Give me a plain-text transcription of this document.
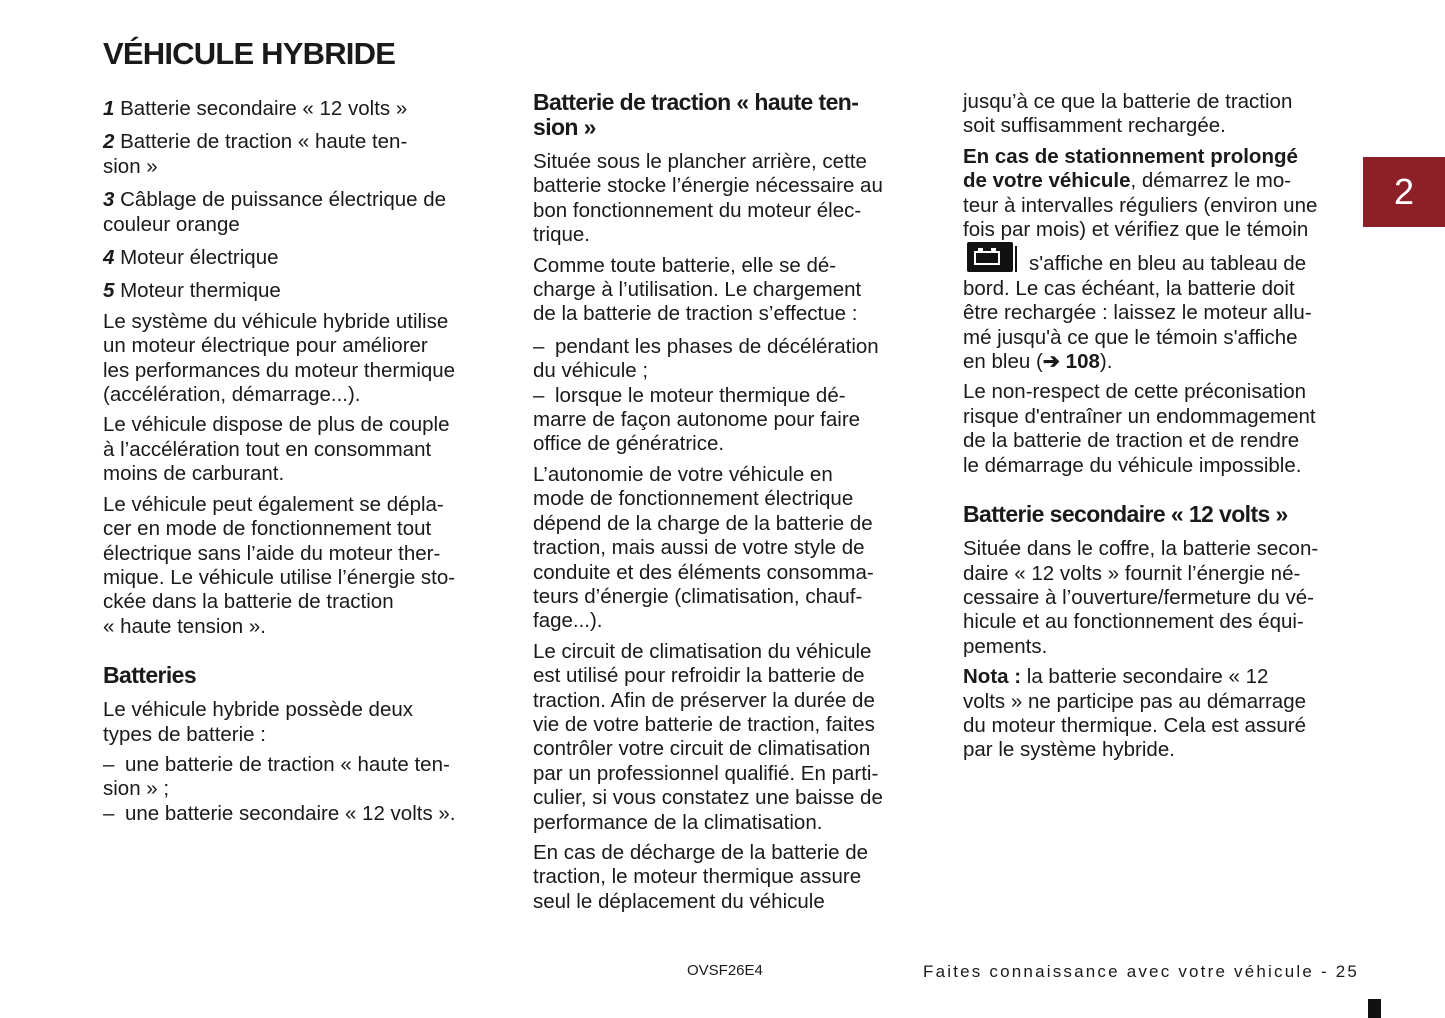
VÉHICULE HYBRIDE
2

1 Batterie secondaire « 12 volts »

2 Batterie de traction « haute ten-
sion »

3 Câblage de puissance électrique de
couleur orange

4 Moteur électrique

5 Moteur thermique

Le système du véhicule hybride utilise
un moteur électrique pour améliorer
les performances du moteur thermique
(accélération, démarrage...).

Le véhicule dispose de plus de couple
à l’accélération tout en consommant
moins de carburant.

Le véhicule peut également se dépla-
cer en mode de fonctionnement tout
électrique sans l’aide du moteur ther-
mique. Le véhicule utilise l’énergie sto-
ckée dans la batterie de traction
« haute tension ».

Batteries

Le véhicule hybride possède deux
types de batterie :

– une batterie de traction « haute ten-
sion » ;

– une batterie secondaire « 12 volts ».

Batterie de traction « haute ten-
sion »

Située sous le plancher arrière, cette
batterie stocke l’énergie nécessaire au
bon fonctionnement du moteur élec-
trique.

Comme toute batterie, elle se dé-
charge à l’utilisation. Le chargement
de la batterie de traction s’effectue :

– pendant les phases de décélération
du véhicule ;

– lorsque le moteur thermique dé-
marre de façon autonome pour faire
office de génératrice.

L’autonomie de votre véhicule en
mode de fonctionnement électrique
dépend de la charge de la batterie de
traction, mais aussi de votre style de
conduite et des éléments consomma-
teurs d’énergie (climatisation, chauf-
fage...).

Le circuit de climatisation du véhicule
est utilisé pour refroidir la batterie de
traction. Afin de préserver la durée de
vie de votre batterie de traction, faites
contrôler votre circuit de climatisation
par un professionnel qualifié. En parti-
culier, si vous constatez une baisse de
performance de la climatisation.

En cas de décharge de la batterie de
traction, le moteur thermique assure
seul le déplacement du véhicule

jusqu’à ce que la batterie de traction
soit suffisamment rechargée.

En cas de stationnement prolongé
de votre véhicule, démarrez le mo-
teur à intervalles réguliers (environ une
fois par mois) et vérifiez que le témoin

s'affiche en bleu au tableau de
bord. Le cas échéant, la batterie doit
être rechargée : laissez le moteur allu-
mé jusqu'à ce que le témoin s'affiche
en bleu (➔ 108).

Le non-respect de cette préconisation
risque d'entraîner un endommagement
de la batterie de traction et de rendre
le démarrage du véhicule impossible.

Batterie secondaire « 12 volts »

Située dans le coffre, la batterie secon-
daire « 12 volts » fournit l’énergie né-
cessaire à l’ouverture/fermeture du vé-
hicule et au fonctionnement des équi-
pements.

Nota : la batterie secondaire « 12
volts » ne participe pas au démarrage
du moteur thermique. Cela est assuré
par le système hybride.

OVSF26E4	Faites connaissance avec votre véhicule - 25
